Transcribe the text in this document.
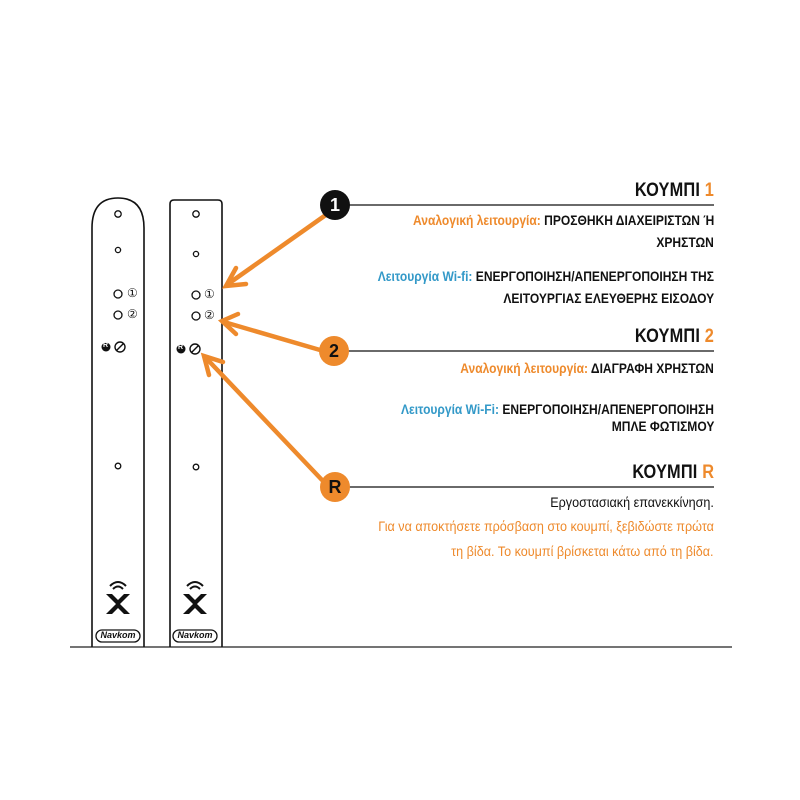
1
2
R
①
②
①
②
R	R
Navkom	Navkom
ΚΟΥΜΠΙ 1
Αναλογική λειτουργία: ΠΡΟΣΘΗΚΗ ΔΙΑΧΕΙΡΙΣΤΩΝ Ή
ΧΡΗΣΤΩΝ
Λειτουργία Wi-fi: ΕΝΕΡΓΟΠΟΙΗΣΗ/ΑΠΕΝΕΡΓΟΠΟΙΗΣΗ ΤΗΣ
ΛΕΙΤΟΥΡΓΙΑΣ ΕΛΕΥΘΕΡΗΣ ΕΙΣΟΔΟΥ
ΚΟΥΜΠΙ 2
Αναλογική λειτουργία: ΔΙΑΓΡΑΦΗ ΧΡΗΣΤΩΝ
Λειτουργία Wi-Fi: ΕΝΕΡΓΟΠΟΙΗΣΗ/ΑΠΕΝΕΡΓΟΠΟΙΗΣΗ
ΜΠΛΕ ΦΩΤΙΣΜΟΥ
ΚΟΥΜΠΙ R
Εργοστασιακή επανεκκίνηση.
Για να αποκτήσετε πρόσβαση στο κουμπί, ξεβιδώστε πρώτα
τη βίδα. Το κουμπί βρίσκεται κάτω από τη βίδα.
